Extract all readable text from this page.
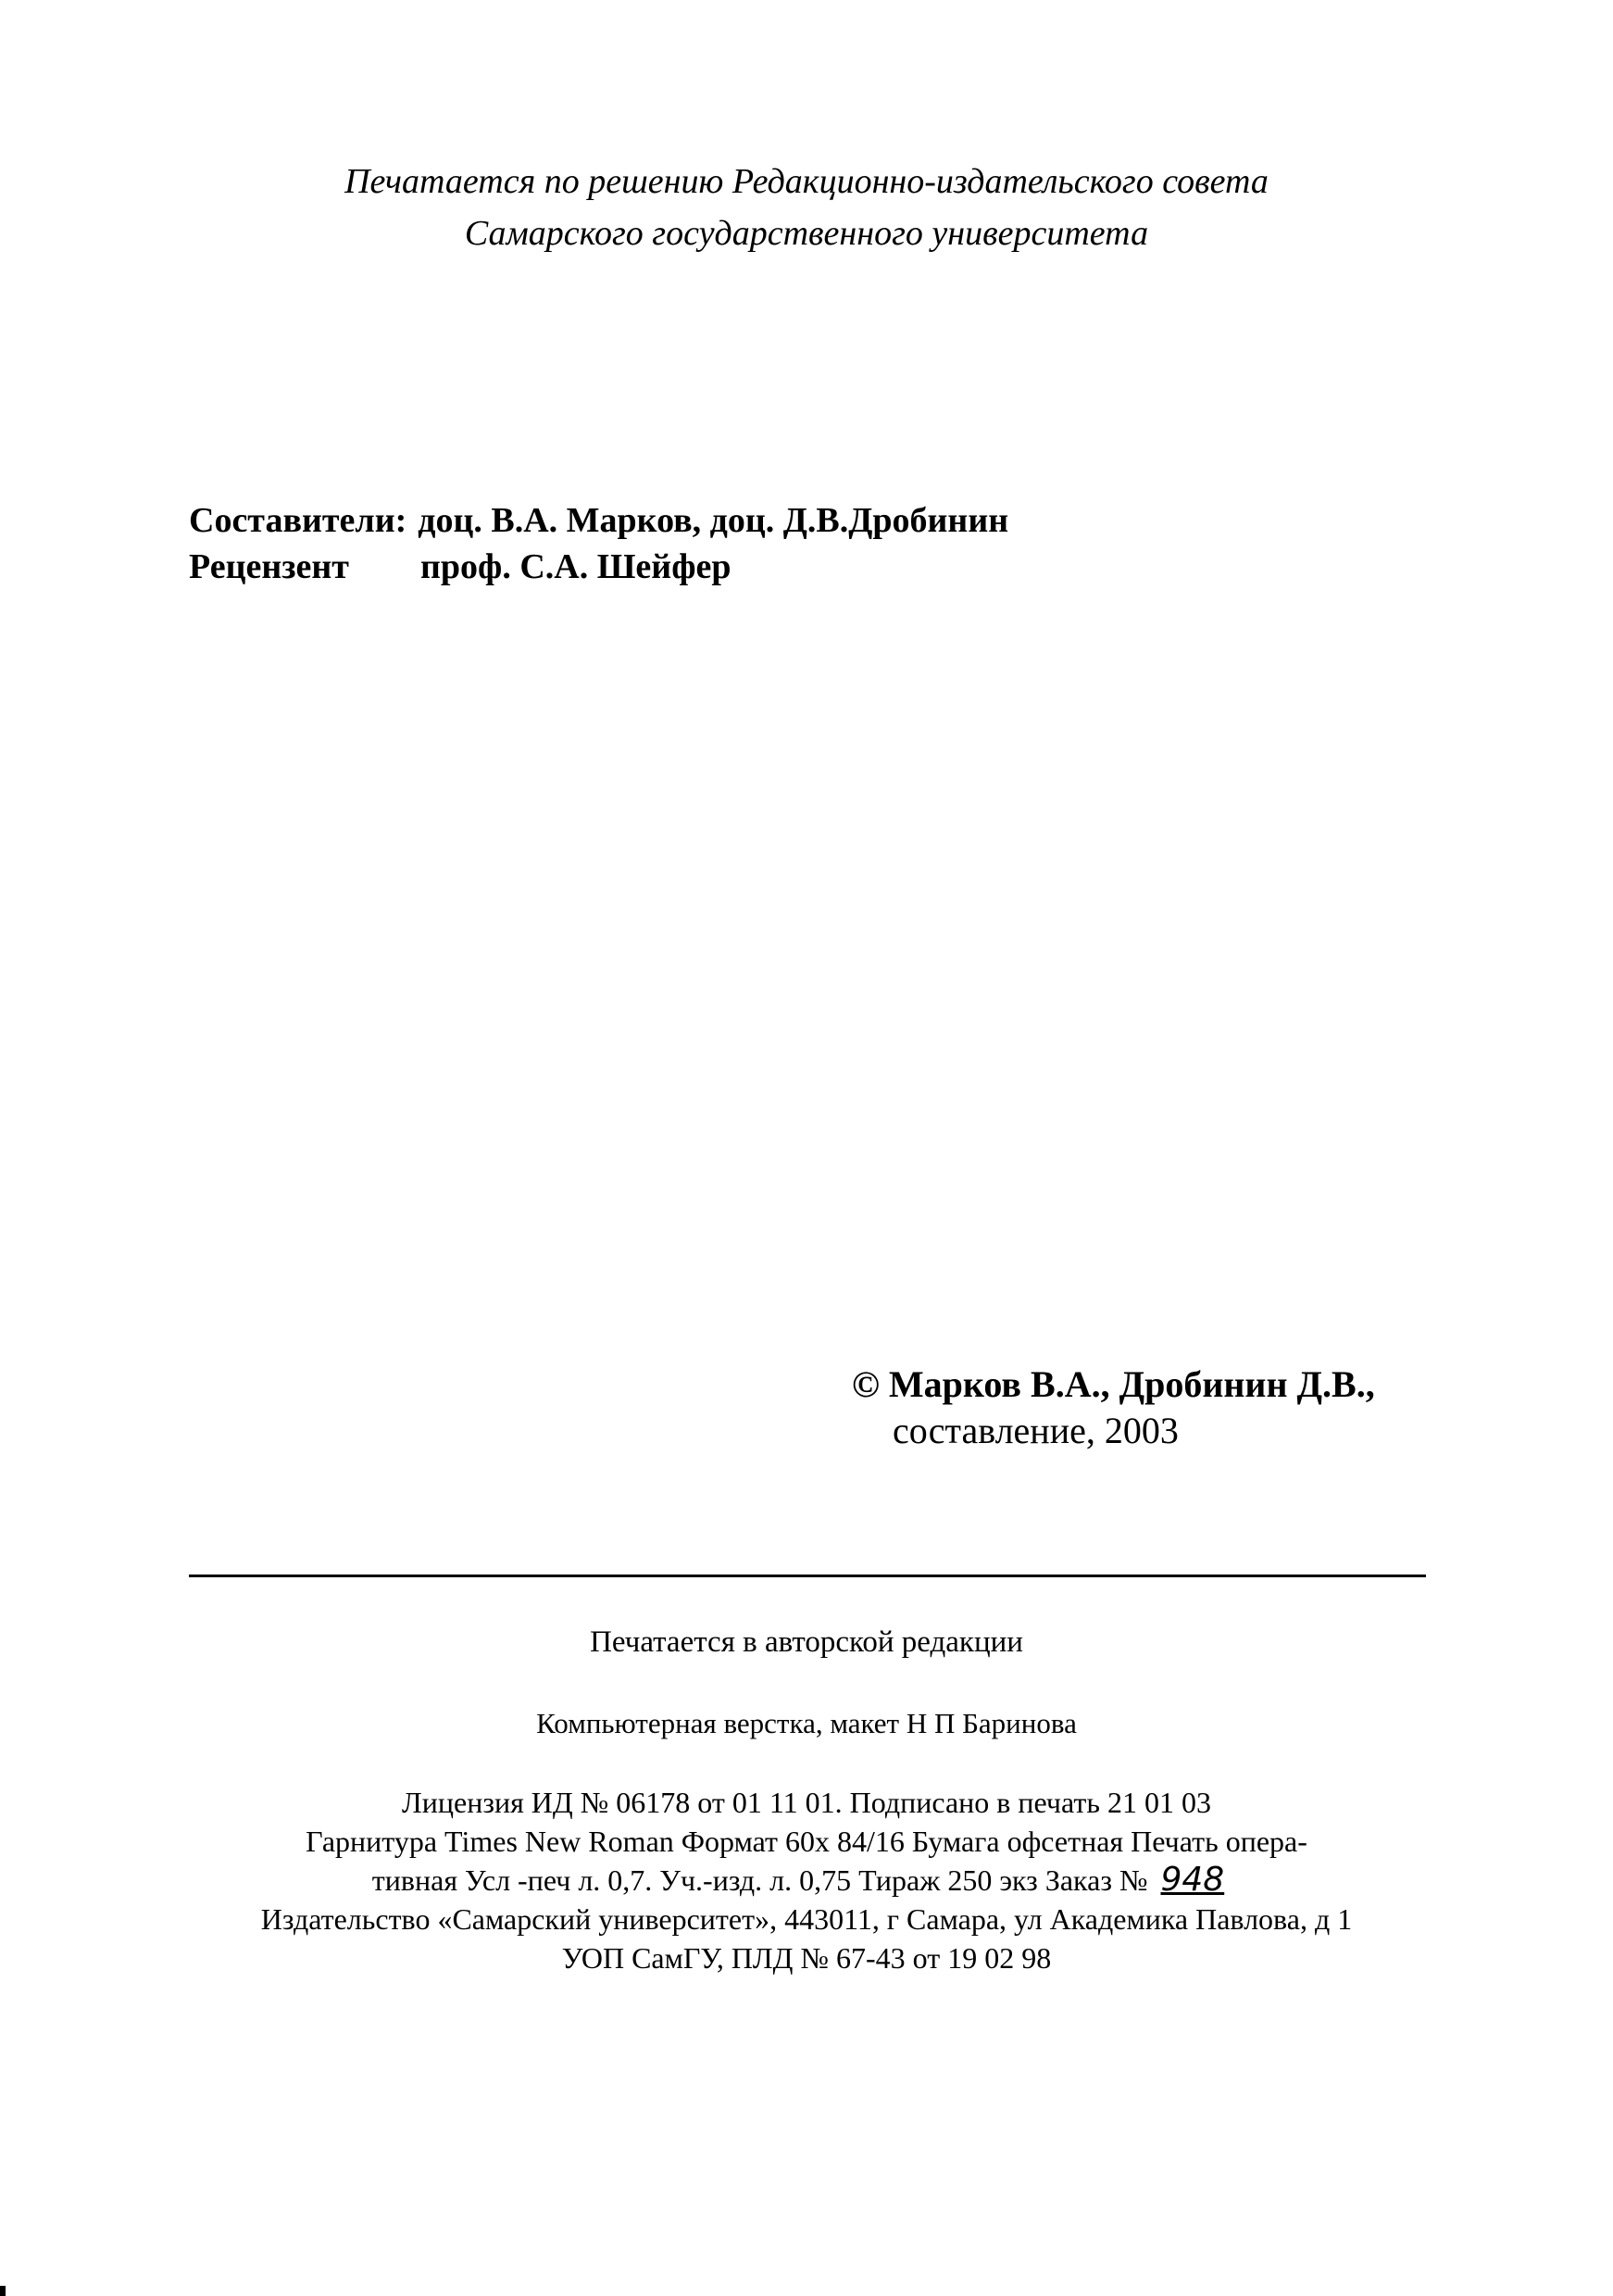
Печатается по решению Редакционно-издательского совета
Самарского государственного университета
Составители: доц. В.А. Марков, доц. Д.В.Дробинин
Рецензент проф. С.А. Шейфер
© Марков В.А., Дробинин Д.В.,
составление, 2003
Печатается в авторской редакции
Компьютерная верстка, макет Н П Баринова
Лицензия ИД № 06178 от 01 11 01. Подписано в печать 21 01 03
Гарнитура Times New Roman Формат 60x 84/16 Бумага офсетная Печать опера-
тивная Усл -печ л. 0,7. Уч.-изд. л. 0,75 Тираж 250 экз Заказ № 948
Издательство «Самарский университет», 443011, г Самара, ул Академика Павлова, д 1
УОП СамГУ, ПЛД № 67-43 от 19 02 98
